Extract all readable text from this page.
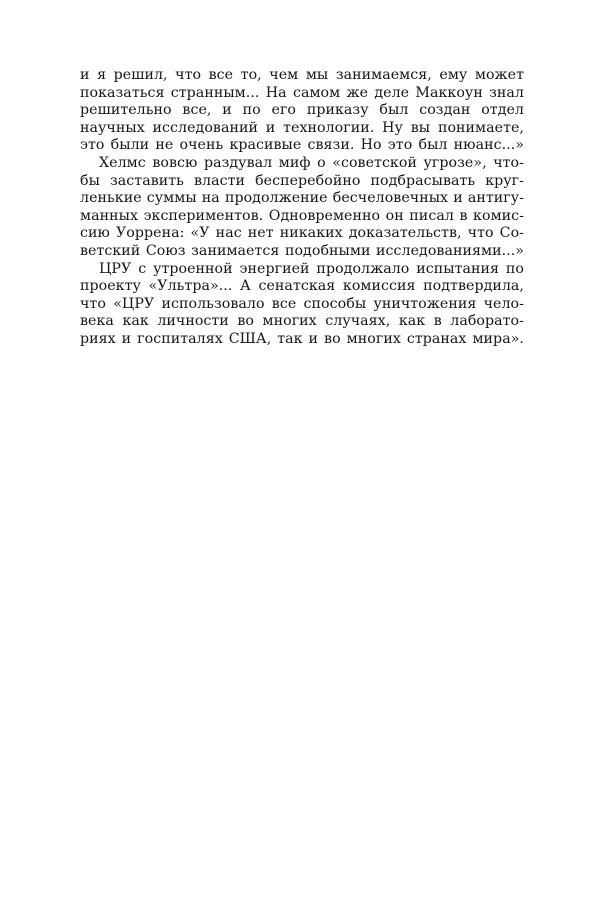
и я решил, что все то, чем мы занимаемся, ему может
показаться странным... На самом же деле Маккоун знал
решительно все, и по его приказу был создан отдел
научных исследований и технологии. Ну вы понимаете,
это были не очень красивые связи. Но это был нюанс...»
Хелмс вовсю раздувал миф о «советской угрозе», что-
бы заставить власти бесперебойно подбрасывать круг-
ленькие суммы на продолжение бесчеловечных и антигу-
манных экспериментов. Одновременно он писал в комис-
сию Уоррена: «У нас нет никаких доказательств, что Со-
ветский Союз занимается подобными исследованиями...»
ЦРУ с утроенной энергией продолжало испытания по
проекту «Ультра»... А сенатская комиссия подтвердила,
что «ЦРУ использовало все способы уничтожения чело-
века как личности во многих случаях, как в лаборато-
риях и госпиталях США, так и во многих странах мира».
